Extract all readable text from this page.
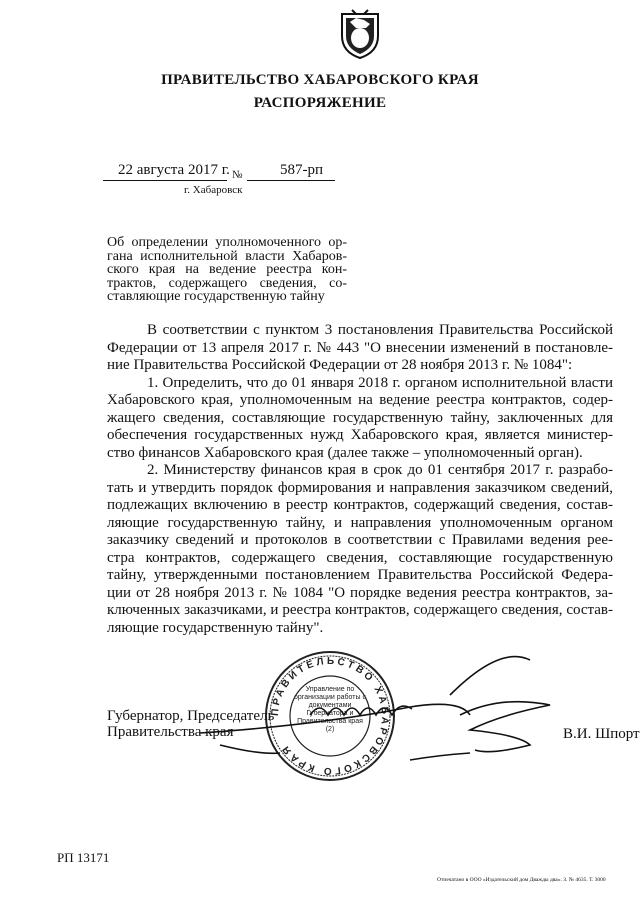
ПРАВИТЕЛЬСТВО ХАБАРОВСКОГО КРАЯ
РАСПОРЯЖЕНИЕ
22 августа 2017 г. №	587-рп
г. Хабаровск
Об определении уполномоченного ор-
гана исполнительной власти Хабаров-
ского края на ведение реестра кон-
трактов, содержащего сведения, со-
ставляющие государственную тайну
В соответствии с пунктом 3 постановления Правительства Российской
Федерации от 13 апреля 2017 г. № 443 "О внесении изменений в постановле-
ние Правительства Российской Федерации от 28 ноября 2013 г. № 1084":
1. Определить, что до 01 января 2018 г. органом исполнительной власти
Хабаровского края, уполномоченным на ведение реестра контрактов, содер-
жащего сведения, составляющие государственную тайну, заключенных для
обеспечения государственных нужд Хабаровского края, является министер-
ство финансов Хабаровского края (далее также – уполномоченный орган).
2. Министерству финансов края в срок до 01 сентября 2017 г. разрабо-
тать и утвердить порядок формирования и направления заказчиком сведений,
подлежащих включению в реестр контрактов, содержащий сведения, состав-
ляющие государственную тайну, и направления уполномоченным органом
заказчику сведений и протоколов в соответствии с Правилами ведения рее-
стра контрактов, содержащего сведения, составляющие государственную
тайну, утвержденными постановлением Правительства Российской Федера-
ции от 28 ноября 2013 г. № 1084 "О порядке ведения реестра контрактов, за-
ключенных заказчиками, и реестра контрактов, содержащего сведения, состав-
ляющие государственную тайну".
Губернатор, Председатель
Правительства края	В.И. Шпорт
ПРАВИТЕЛЬСТВО ХАБАРОВСКОГО КРАЯ
Управление по организации работы с документами Губернатора и Правительства края (2)
РП 13171
Отпечатано в ООО «Издательский дом Дважды два». З. № 4635. Т. 3000
